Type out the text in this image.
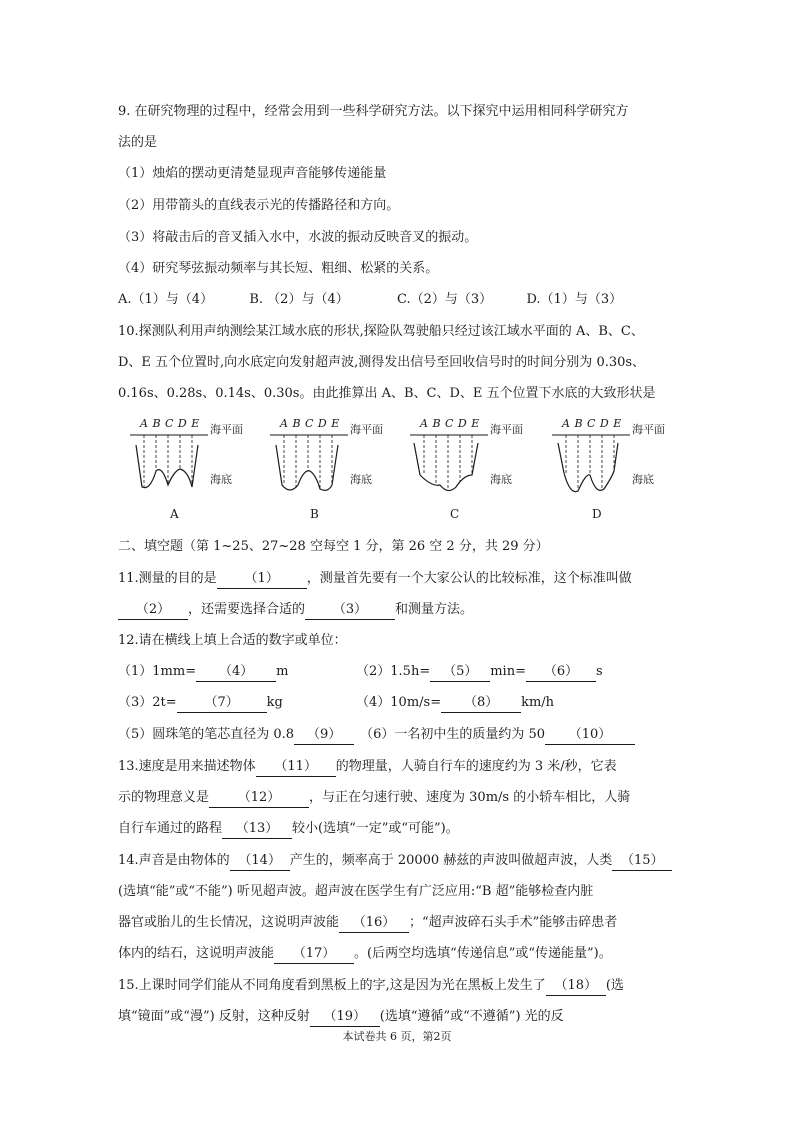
9. 在研究物理的过程中，经常会用到一些科学研究方法。以下探究中运用相同科学研究方
法的是
（1）烛焰的摆动更清楚显现声音能够传递能量
（2）用带箭头的直线表示光的传播路径和方向。
（3）将敲击后的音叉插入水中，水波的振动反映音叉的振动。
（4）研究琴弦振动频率与其长短、粗细、松紧的关系。
A.（1）与（4）	B. （2）与（4）	C.（2）与（3）	D.（1）与（3）
10.探测队利用声纳测绘某江域水底的形状,探险队驾驶船只经过该江域水平面的 A、B、C、
D、E 五个位置时,向水底定向发射超声波,测得发出信号至回收信号时的时间分别为 0.30s、
0.16s、0.28s、0.14s、0.30s。由此推算出 A、B、C、D、E 五个位置下水底的大致形状是
A B C D E 海平面
海底
A
A B C D E 海平面
海底
B
A B C D E 海平面
海底
C
A B C D E 海平面
海底
D
二、填空题（第 1~25、27~28 空每空 1 分，第 26 空 2 分，共 29 分）
11.测量的目的是 （1） ，测量首先要有一个大家公认的比较标准，这个标准叫做
（2） ，还需要选择合适的 （3） 和测量方法。
12.请在横线上填上合适的数字或单位：
（1）1mm= （4） m	（2）1.5h= （5） min= （6） s
（3）2t= （7） kg	（4）10m/s= （8） km/h
（5）圆珠笔的笔芯直径为 0.8 （9） （6）一名初中生的质量约为 50 （10）
13.速度是用来描述物体 （11） 的物理量，人骑自行车的速度约为 3 米/秒，它表
示的物理意义是 （12） ，与正在匀速行驶、速度为 30m/s 的小轿车相比，人骑
自行车通过的路程 （13） 较小(选填“一定”或“可能”)。
14.声音是由物体的 （14） 产生的，频率高于 20000 赫兹的声波叫做超声波，人类 （15）
(选填“能”或“不能”) 听见超声波。超声波在医学生有广泛应用:“B 超”能够检查内脏
器官或胎儿的生长情况，这说明声波能 （16） ；“超声波碎石头手术”能够击碎患者
体内的结石，这说明声波能 （17） 。(后两空均选填“传递信息”或“传递能量”)。
15.上课时同学们能从不同角度看到黑板上的字,这是因为光在黑板上发生了 （18） (选
填“镜面”或“漫”) 反射，这种反射 （19） (选填“遵循”或“不遵循”) 光的反
本试卷共 6 页，第2页
